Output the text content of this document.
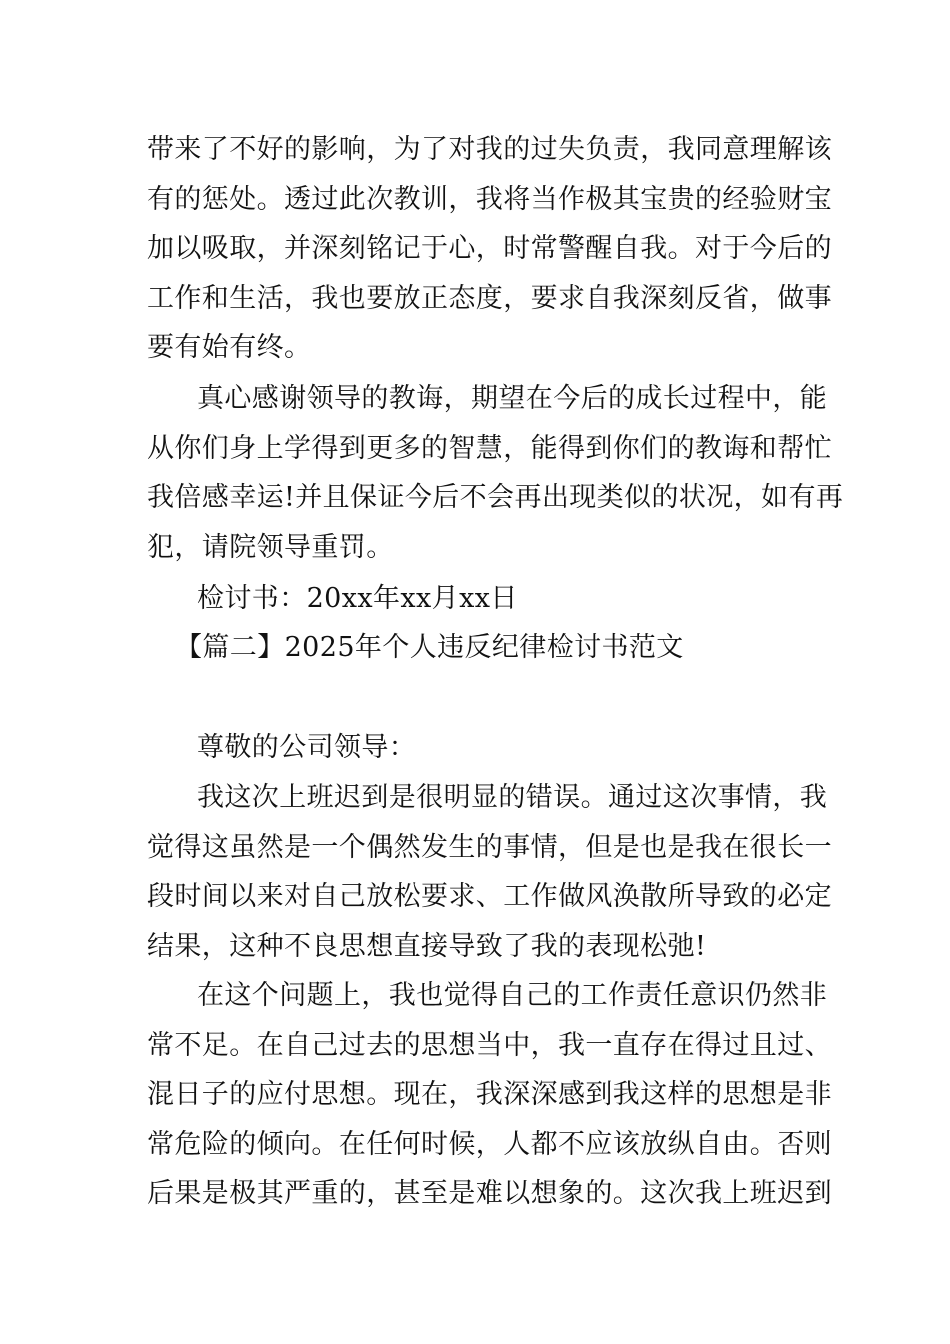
带来了不好的影响，为了对我的过失负责，我同意理解该
有的惩处。透过此次教训，我将当作极其宝贵的经验财宝
加以吸取，并深刻铭记于心，时常警醒自我。对于今后的
工作和生活，我也要放正态度，要求自我深刻反省，做事
要有始有终。
真心感谢领导的教诲，期望在今后的成长过程中，能
从你们身上学得到更多的智慧，能得到你们的教诲和帮忙
我倍感幸运!并且保证今后不会再出现类似的状况，如有再
犯，请院领导重罚。
检讨书：20xx年xx月xx日
【篇二】2025年个人违反纪律检讨书范文
尊敬的公司领导：
我这次上班迟到是很明显的错误。通过这次事情，我
觉得这虽然是一个偶然发生的事情，但是也是我在很长一
段时间以来对自己放松要求、工作做风涣散所导致的必定
结果，这种不良思想直接导致了我的表现松弛!
在这个问题上，我也觉得自己的工作责任意识仍然非
常不足。在自己过去的思想当中，我一直存在得过且过、
混日子的应付思想。现在，我深深感到我这样的思想是非
常危险的倾向。在任何时候，人都不应该放纵自由。否则
后果是极其严重的，甚至是难以想象的。这次我上班迟到
